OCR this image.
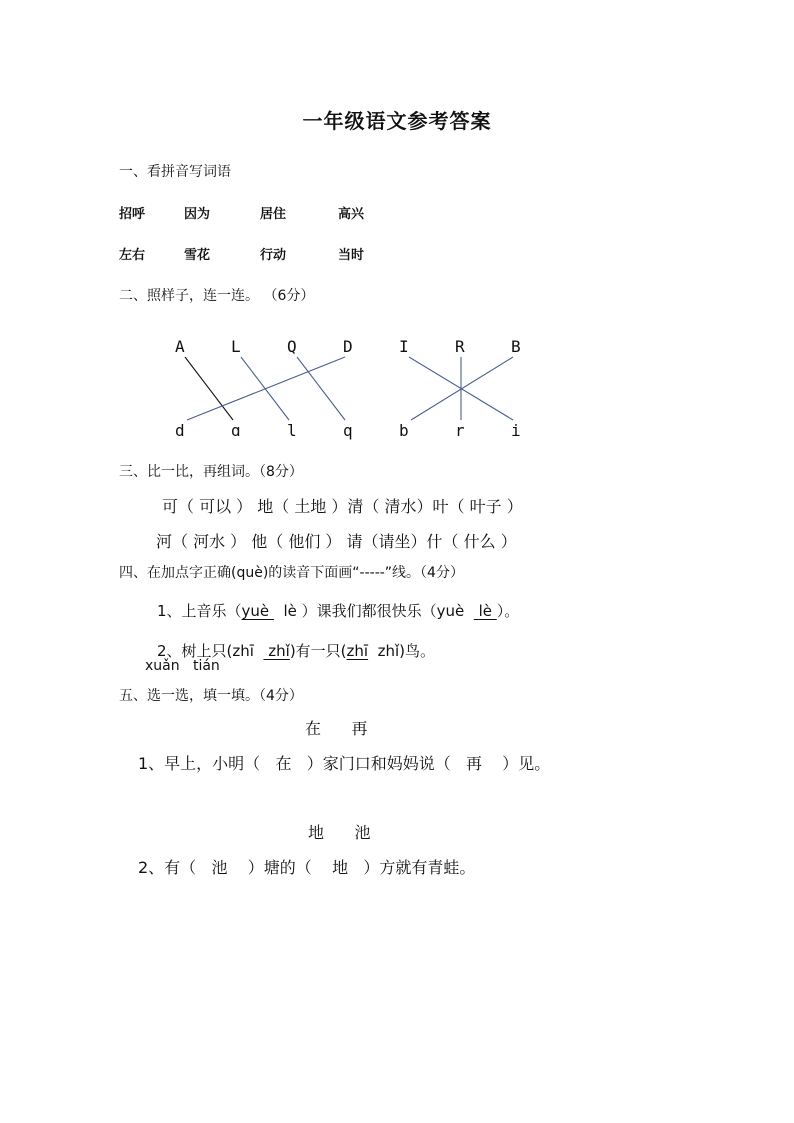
一年级语文参考答案
一、看拼音写词语
招呼	因为	居住	高兴
左右	雪花	行动	当时
二、照样子，连一连。 （6分）
A	L	Q	D	I	R	B
d	ɑ	l	q	b	r	i
三、比一比，再组词。（8分）
可（ 可以 ） 地（ 土地 ）清（ 清水）叶（ 叶子 ）
河（ 河水 ） 他（ 他们 ） 请（请坐）什（ 什么 ）
四、在加点字正确(què)的读音下面画“-----”线。（4分）
1、上音乐（yuè   lè ）课我们都很快乐（yuè   lè ）。
2、树上只(zhī   zhǐ)有一只(zhī  zhǐ)鸟。
xuǎn   tián
五、选一选，填一填。（4分）
在      再
1、早上，小明（   在   ）家门口和妈妈说（   再    ）见。
地      池
2、有（   池    ）塘的（    地   ）方就有青蛙。
